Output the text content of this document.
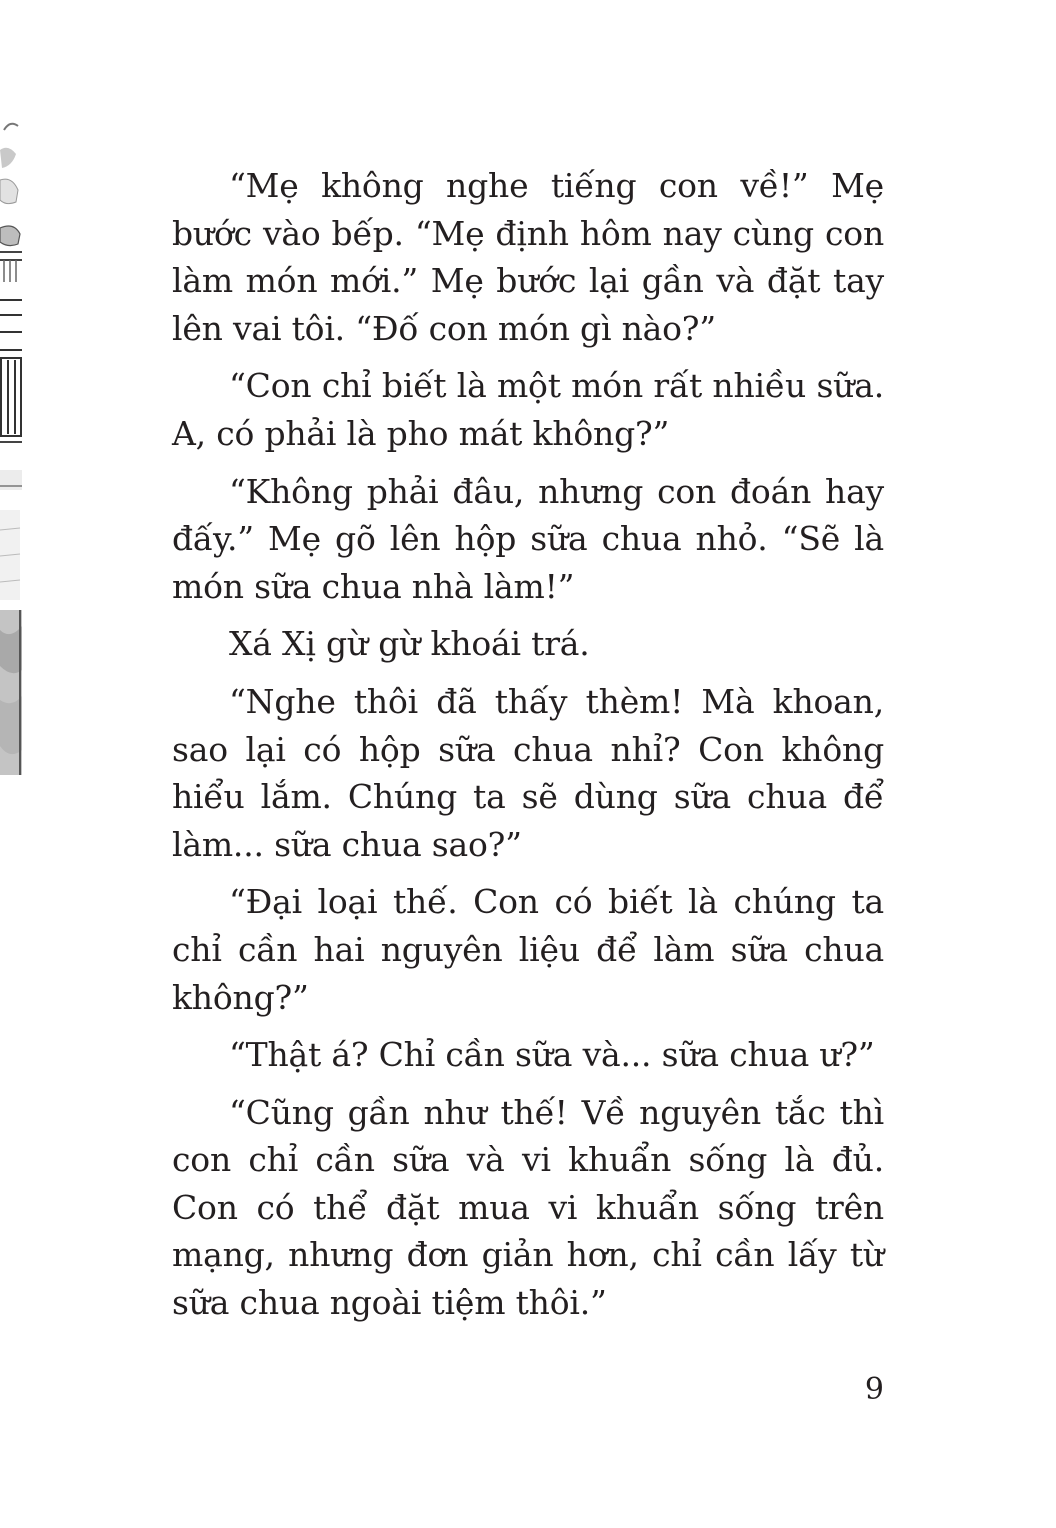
“Mẹ không nghe tiếng con về!” Mẹ bước vào bếp. “Mẹ định hôm nay cùng con làm món mới.” Mẹ bước lại gần và đặt tay lên vai tôi. “Đố con món gì nào?”

“Con chỉ biết là một món rất nhiều sữa. A, có phải là pho mát không?”

“Không phải đâu, nhưng con đoán hay đấy.” Mẹ gõ lên hộp sữa chua nhỏ. “Sẽ là món sữa chua nhà làm!”

Xá Xị gừ gừ khoái trá.

“Nghe thôi đã thấy thèm! Mà khoan, sao lại có hộp sữa chua nhỉ? Con không hiểu lắm. Chúng ta sẽ dùng sữa chua để làm... sữa chua sao?”

“Đại loại thế. Con có biết là chúng ta chỉ cần hai nguyên liệu để làm sữa chua không?”

“Thật á? Chỉ cần sữa và... sữa chua ư?”

“Cũng gần như thế! Về nguyên tắc thì con chỉ cần sữa và vi khuẩn sống là đủ. Con có thể đặt mua vi khuẩn sống trên mạng, nhưng đơn giản hơn, chỉ cần lấy từ sữa chua ngoài tiệm thôi.”

9
